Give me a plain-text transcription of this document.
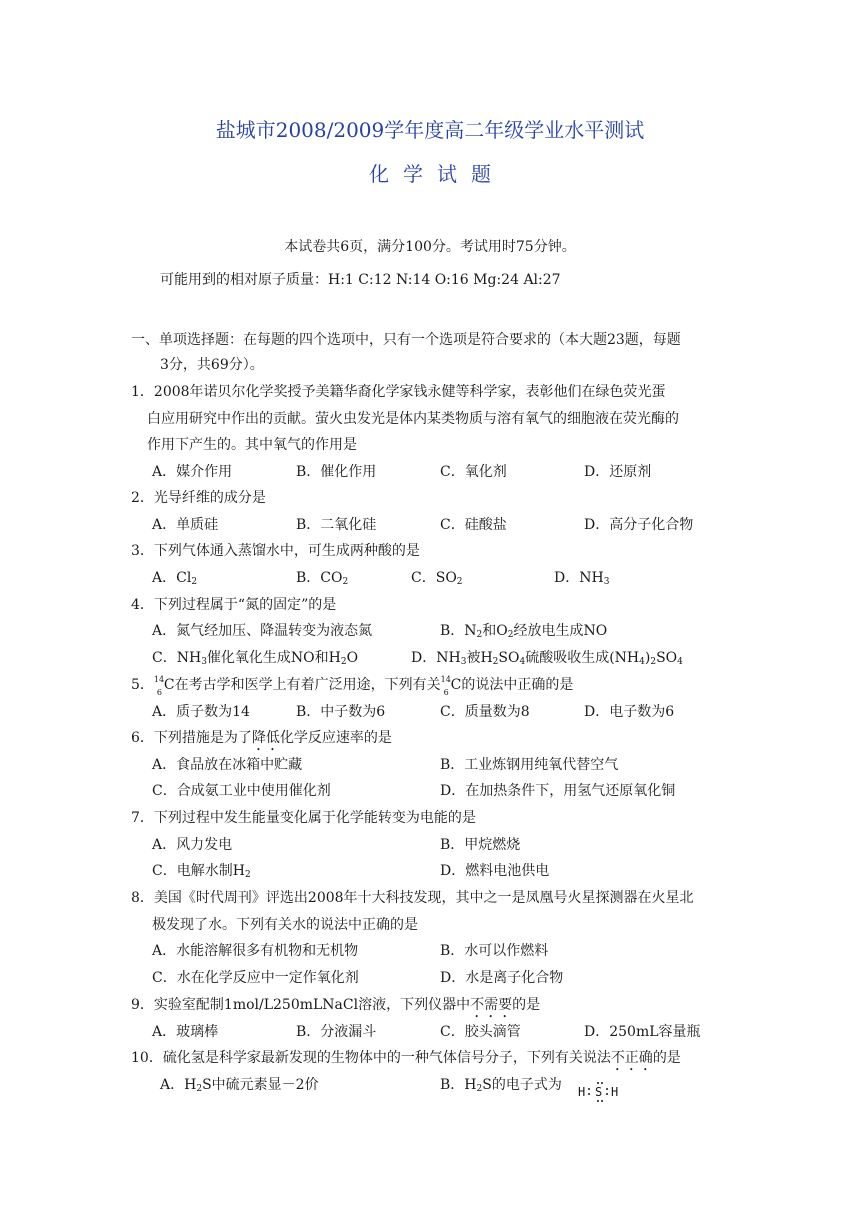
盐城市2008/2009学年度高二年级学业水平测试
化学试题
本试卷共6页，满分100分。考试用时75分钟。
可能用到的相对原子质量：H:1 C:12 N:14 O:16 Mg:24 Al:27
一、单项选择题：在每题的四个选项中，只有一个选项是符合要求的（本大题23题，每题
3分，共69分）。
1．2008年诺贝尔化学奖授予美籍华裔化学家钱永健等科学家，表彰他们在绿色荧光蛋
白应用研究中作出的贡献。萤火虫发光是体内某类物质与溶有氧气的细胞液在荧光酶的
作用下产生的。其中氧气的作用是
A．媒介作用	B．催化作用	C．氧化剂	D．还原剂
2．光导纤维的成分是
A．单质硅	B．二氧化硅	C．硅酸盐	D．高分子化合物
3．下列气体通入蒸馏水中，可生成两种酸的是
A．$Cl_2$	B．$CO_2$	C．$SO_2$	D．$NH_3$
4．下列过程属于“氮的固定”的是
A．氮气经加压、降温转变为液态氮	B．$N_2$和$O_2$经放电生成NO
C．$NH_3$催化氧化生成NO和$H_2O$	D．$NH_3$被$H_2SO_4$硫酸吸收生成$(NH_4)_2SO_4$
5． 14
6 C在考古学和医学上有着广泛用途，下列有关 14
6 C的说法中正确的是
A．质子数为14	B．中子数为6	C．质量数为8	D．电子数为6
6．下列措施是为了降低化学反应速率的是
A．食品放在冰箱中贮藏	B．工业炼钢用纯氧代替空气
C．合成氨工业中使用催化剂	D．在加热条件下，用氢气还原氧化铜
7．下列过程中发生能量变化属于化学能转变为电能的是
A．风力发电	B．甲烷燃烧
C．电解水制$H_2$	D．燃料电池供电
8．美国《时代周刊》评选出2008年十大科技发现，其中之一是凤凰号火星探测器在火星北
极发现了水。下列有关水的说法中正确的是
A．水能溶解很多有机物和无机物	B．水可以作燃料
C．水在化学反应中一定作氧化剂	D．水是离子化合物
9．实验室配制1mol/L250mLNaCl溶液，下列仪器中不需要的是
A．玻璃棒	B．分液漏斗	C．胶头滴管	D．250mL容量瓶
10．硫化氢是科学家最新发现的生物体中的一种气体信号分子，下列有关说法不正确的是
A．$H_2S$中硫元素显－2价	B．$H_2S$的电子式为 H S H
